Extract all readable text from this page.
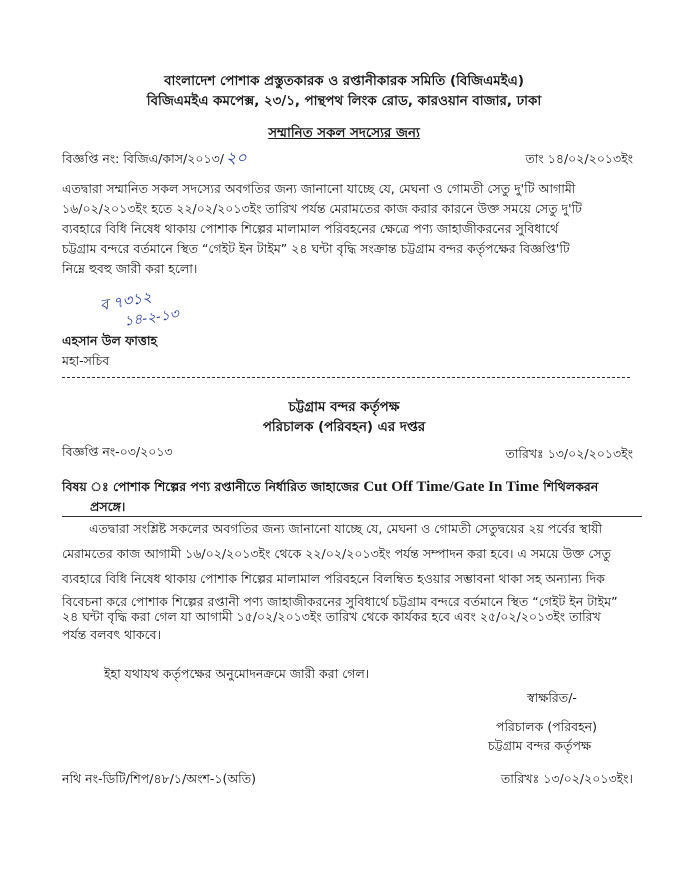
বাংলাদেশ পোশাক প্রস্তুতকারক ও রপ্তানীকারক সমিতি (বিজিএমইএ)
বিজিএমইএ কমপেক্স, ২৩/১, পান্থপথ লিংক রোড, কারওয়ান বাজার, ঢাকা
সম্মানিত সকল সদস্যের জন্য
বিজ্ঞপ্তি নং: বিজিএ/কাস/২০১৩/ ২০	তাং ১৪/০২/২০১৩ইং
এতদ্বারা সম্মানিত সকল সদস্যের অবগতির জন্য জানানো যাচ্ছে যে, মেঘনা ও গোমতী সেতু দু'টি আগামী
১৬/০২/২০১৩ইং হতে ২২/০২/২০১৩ইং তারিখ পর্যন্ত মেরামতের কাজ করার কারনে উক্ত সময়ে সেতু দু'টি
ব্যবহারে বিধি নিষেধ থাকায় পোশাক শিল্পের মালামাল পরিবহনের ক্ষেত্রে পণ্য জাহাজীকরনের সুবিধার্থে
চট্টগ্রাম বন্দরে বর্তমানে স্থিত “গেইট ইন টাইম” ২৪ ঘন্টা বৃদ্ধি সংক্রান্ত চট্টগ্রাম বন্দর কর্তৃপক্ষের বিজ্ঞপ্তি'টি
নিম্নে হুবহু জারী করা হলো।
ব ৭৩১২
১৪-২-১৩
এহসান উল ফাত্তাহ
মহা-সচিব
চট্টগ্রাম বন্দর কর্তৃপক্ষ
পরিচালক (পরিবহন) এর দপ্তর
বিজ্ঞপ্তি নং-০৩/২০১৩	তারিখঃ ১৩/০২/২০১৩ইং
বিষয় ঃ পোশাক শিল্পের পণ্য রপ্তানীতে নির্ধারিত জাহাজের Cut Off Time/Gate In Time শিথিলকরন
প্রসঙ্গে।
এতদ্বারা সংশ্লিষ্ট সকলের অবগতির জন্য জানানো যাচ্ছে যে, মেঘনা ও গোমতী সেতুদ্বয়ের ২য় পর্বের স্থায়ী
মেরামতের কাজ আগামী ১৬/০২/২০১৩ইং থেকে ২২/০২/২০১৩ইং পর্যন্ত সম্পাদন করা হবে। এ সময়ে উক্ত সেতু
ব্যবহারে বিধি নিষেধ থাকায় পোশাক শিল্পের মালামাল পরিবহনে বিলম্বিত হওয়ার সম্ভাবনা থাকা সহ অন্যান্য দিক
বিবেচনা করে পোশাক শিল্পের রপ্তানী পণ্য জাহাজীকরনের সুবিধার্থে চট্টগ্রাম বন্দরে বর্তমানে স্থিত “গেইট ইন টাইম”
২৪ ঘন্টা বৃদ্ধি করা গেল যা আগামী ১৫/০২/২০১৩ইং তারিখ থেকে কার্যকর হবে এবং ২৫/০২/২০১৩ইং তারিখ
পর্যন্ত বলবৎ থাকবে।
ইহা যথাযথ কর্তৃপক্ষের অনুমোদনক্রমে জারী করা গেল।
স্বাক্ষরিত/-
পরিচালক (পরিবহন)
চট্টগ্রাম বন্দর কর্তৃপক্ষ
নথি নং-ডিটি/শিপ/৪৮/১/অংশ-১(অতি)	তারিখঃ ১৩/০২/২০১৩ইং।
